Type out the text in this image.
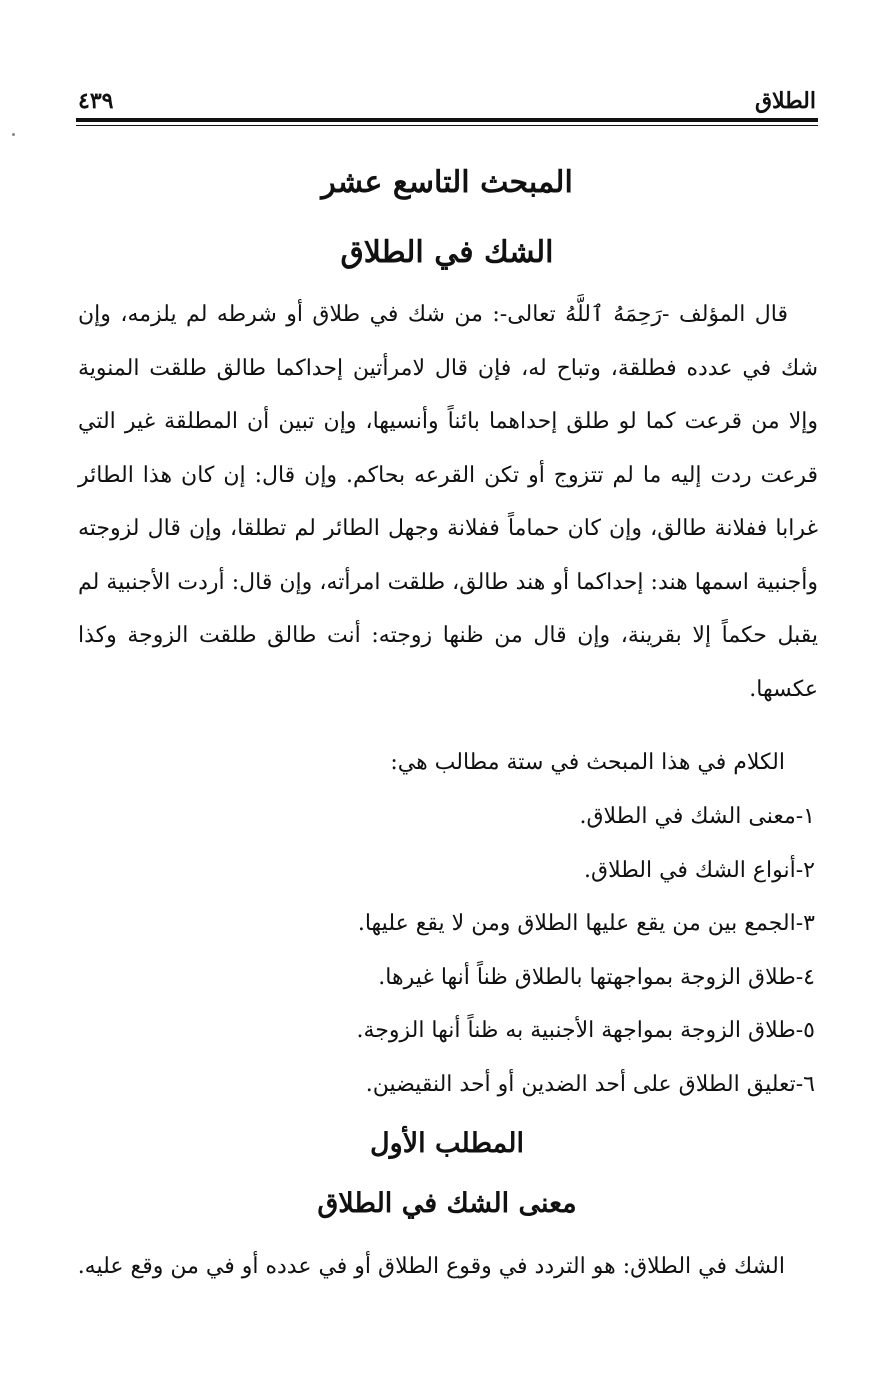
الطلاق
٤٣٩
المبحث التاسع عشر
الشك في الطلاق
قال المؤلف -رَحِمَهُ ٱللَّهُ تعالى-: من شك في طلاق أو شرطه لم يلزمه، وإن شك في عدده فطلقة، وتباح له، فإن قال لامرأتين إحداكما طالق طلقت المنوية وإلا من قرعت كما لو طلق إحداهما بائناً وأنسيها، وإن تبين أن المطلقة غير التي قرعت ردت إليه ما لم تتزوج أو تكن القرعه بحاكم. وإن قال: إن كان هذا الطائر غرابا ففلانة طالق، وإن كان حماماً ففلانة وجهل الطائر لم تطلقا، وإن قال لزوجته وأجنبية اسمها هند: إحداكما أو هند طالق، طلقت امرأته، وإن قال: أردت الأجنبية لم يقبل حكماً إلا بقرينة، وإن قال من ظنها زوجته: أنت طالق طلقت الزوجة وكذا عكسها.
الكلام في هذا المبحث في ستة مطالب هي:
١-معنى الشك في الطلاق.
٢-أنواع الشك في الطلاق.
٣-الجمع بين من يقع عليها الطلاق ومن لا يقع عليها.
٤-طلاق الزوجة بمواجهتها بالطلاق ظناً أنها غيرها.
٥-طلاق الزوجة بمواجهة الأجنبية به ظناً أنها الزوجة.
٦-تعليق الطلاق على أحد الضدين أو أحد النقيضين.
المطلب الأول
معنى الشك في الطلاق
الشك في الطلاق: هو التردد في وقوع الطلاق أو في عدده أو في من وقع عليه.
